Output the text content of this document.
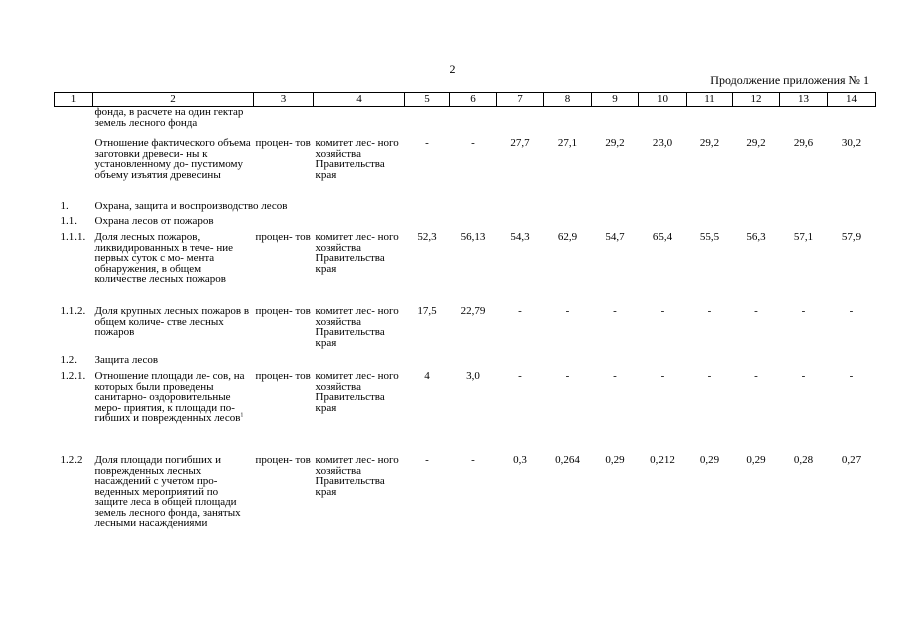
2
Продолжение приложения № 1
1	2	3	4	5	6	7	8	9	10	11	12	13	14
	фонда, в расчете на один гектар земель лесного фонда												
	Отношение фактического объема заготовки древеси- ны к установленному до- пустимому объему изъятия древесины	процен- тов	комитет лес- ного хозяйства Правительства края	-	-	27,7	27,1	29,2	23,0	29,2	29,2	29,6	30,2
1.	Охрана, защита и воспроизводство лесов												
1.1.	Охрана лесов от пожаров												
1.1.1.	Доля лесных пожаров, ликвидированных в тече- ние первых суток с мо- мента обнаружения, в общем количестве лесных пожаров	процен- тов	комитет лес- ного хозяйства Правительства края	52,3	56,13	54,3	62,9	54,7	65,4	55,5	56,3	57,1	57,9
1.1.2.	Доля крупных лесных пожаров в общем количе- стве лесных пожаров	процен- тов	комитет лес- ного хозяйства Правительства края	17,5	22,79	-	-	-	-	-	-	-	-
1.2.	Защита лесов												
1.2.1.	Отношение площади ле- сов, на которых были проведены санитарно- оздоровительные меро- приятия, к площади по- гибших и поврежденных лесов$^1$	процен- тов	комитет лес- ного хозяйства Правительства края	4	3,0	-	-	-	-	-	-	-	-
1.2.2	Доля площади погибших и поврежденных лесных насаждений с учетом про- веденных мероприятий по защите леса в общей площади земель лесного фонда, занятых лесными насаждениями	процен- тов	комитет лес- ного хозяйства Правительства края	-	-	0,3	0,264	0,29	0,212	0,29	0,29	0,28	0,27
